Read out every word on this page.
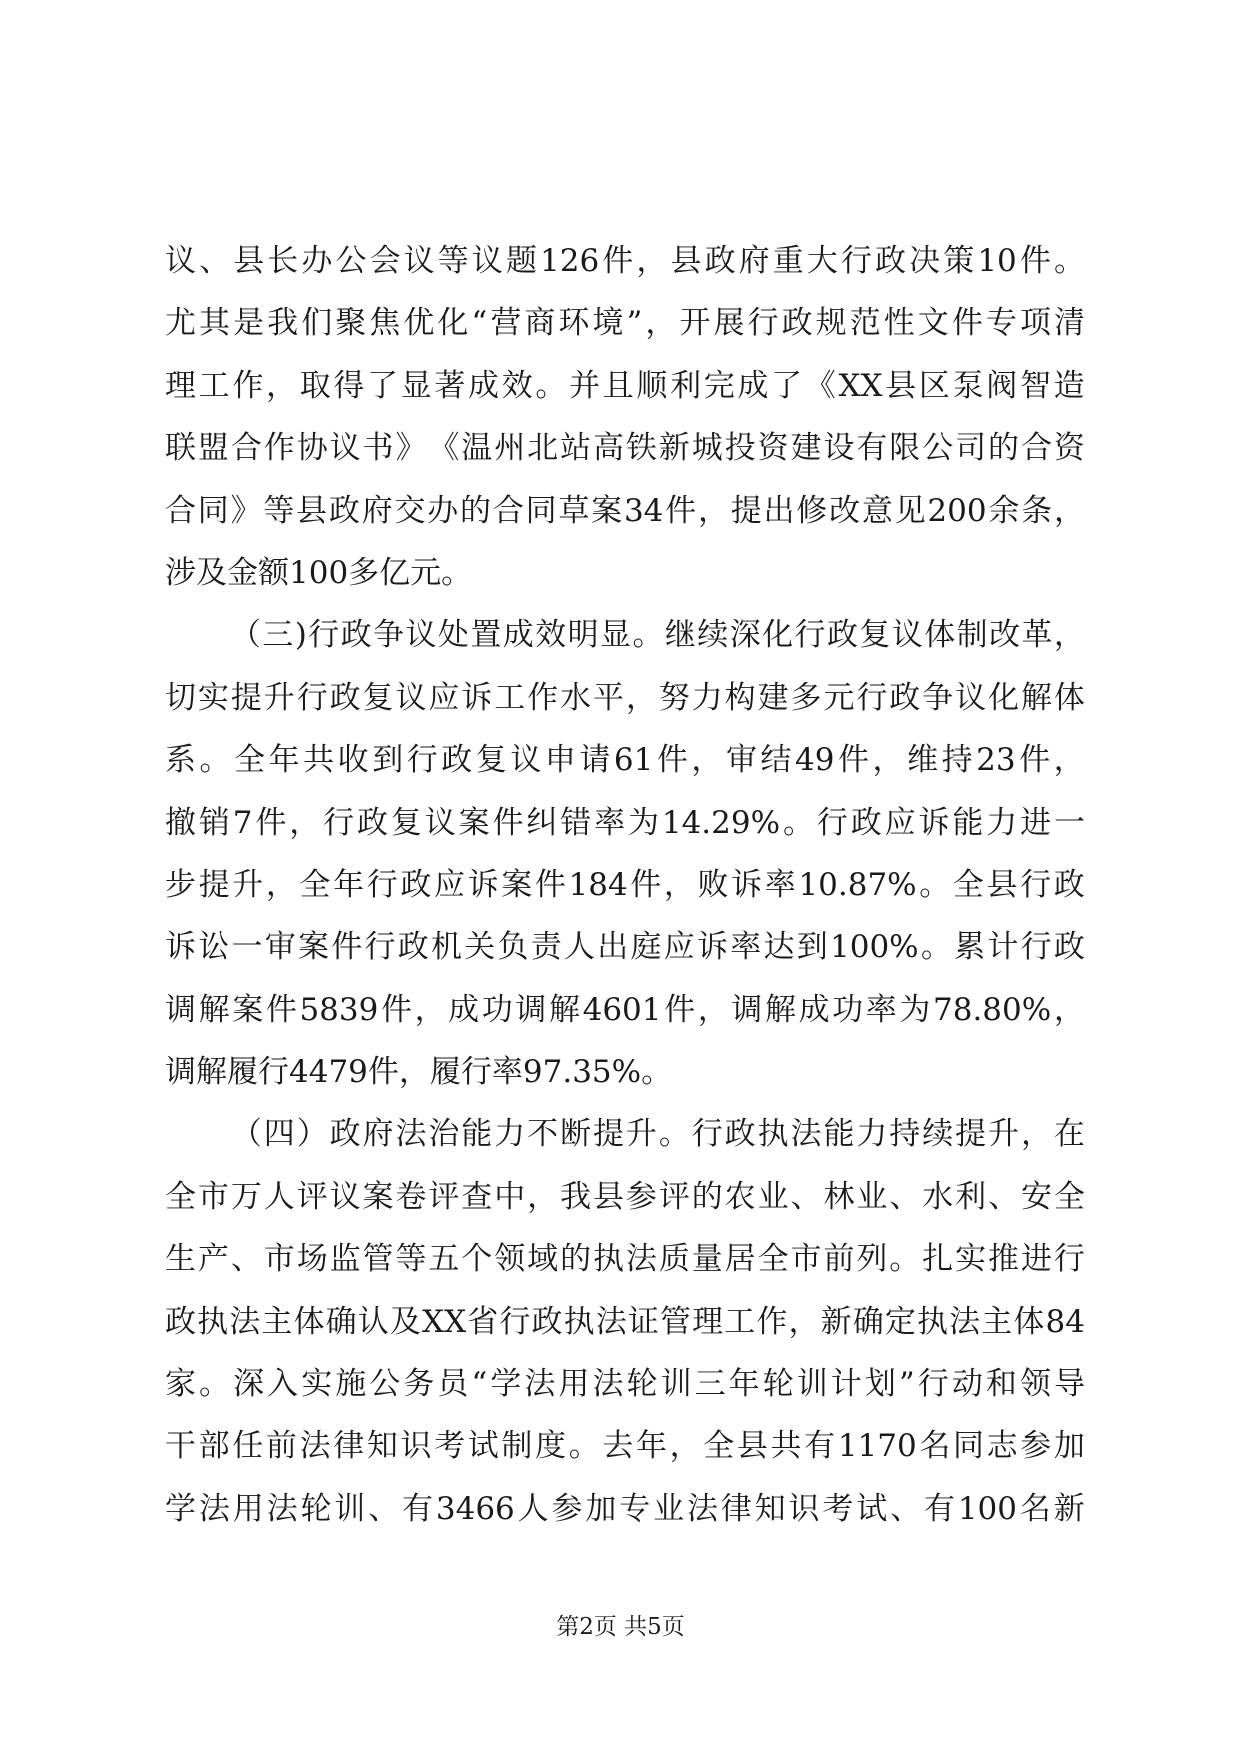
议 、 县 长 办 公 会 议 等 议 题 126 件 ， 县 政 府 重 大 行 政 决 策 10 件 。
尤 其 是 我 们 聚 焦 优 化 “ 营 商 环 境 ” ， 开 展 行 政 规 范 性 文 件 专 项 清
理 工 作 ， 取 得 了 显 著 成 效 。 并 且 顺 利 完 成 了 《 XX 县 区 泵 阀 智 造
联 盟 合 作 协 议 书 》 《 温 州 北 站 高 铁 新 城 投 资 建 设 有 限 公 司 的 合 资
合 同 》 等 县 政 府 交 办 的 合 同 草 案 34 件 ， 提 出 修 改 意 见 200 余 条 ，
涉及金额100多亿元。

（ 三 ) 行 政 争 议 处 置 成 效 明 显 。 继 续 深 化 行 政 复 议 体 制 改 革 ，
切 实 提 升 行 政 复 议 应 诉 工 作 水 平 ， 努 力 构 建 多 元 行 政 争 议 化 解 体
系 。 全 年 共 收 到 行 政 复 议 申 请 61 件 ， 审 结 49 件 ， 维 持 23 件 ，
撤 销 7 件 ， 行 政 复 议 案 件 纠 错 率 为 14.29% 。 行 政 应 诉 能 力 进 一
步 提 升 ， 全 年 行 政 应 诉 案 件 184 件 ， 败 诉 率 10.87% 。 全 县 行 政
诉 讼 一 审 案 件 行 政 机 关 负 责 人 出 庭 应 诉 率 达 到 100% 。 累 计 行 政
调 解 案 件 5839 件 ， 成 功 调 解 4601 件 ， 调 解 成 功 率 为 78.80% ，
调解履行4479件，履行率97.35%。

（ 四 ） 政 府 法 治 能 力 不 断 提 升 。 行 政 执 法 能 力 持 续 提 升 ， 在
全 市 万 人 评 议 案 卷 评 查 中 ， 我 县 参 评 的 农 业 、 林 业 、 水 利 、 安 全
生 产 、 市 场 监 管 等 五 个 领 域 的 执 法 质 量 居 全 市 前 列 。 扎 实 推 进 行
政 执 法 主 体 确 认 及 XX 省 行 政 执 法 证 管 理 工 作 ， 新 确 定 执 法 主 体 84
家 。 深 入 实 施 公 务 员 “ 学 法 用 法 轮 训 三 年 轮 训 计 划 ” 行 动 和 领 导
干 部 任 前 法 律 知 识 考 试 制 度 。 去 年 ， 全 县 共 有 1170 名 同 志 参 加
学 法 用 法 轮 训 、 有 3466 人 参 加 专 业 法 律 知 识 考 试 、 有 100 名 新
第2页 共5页
